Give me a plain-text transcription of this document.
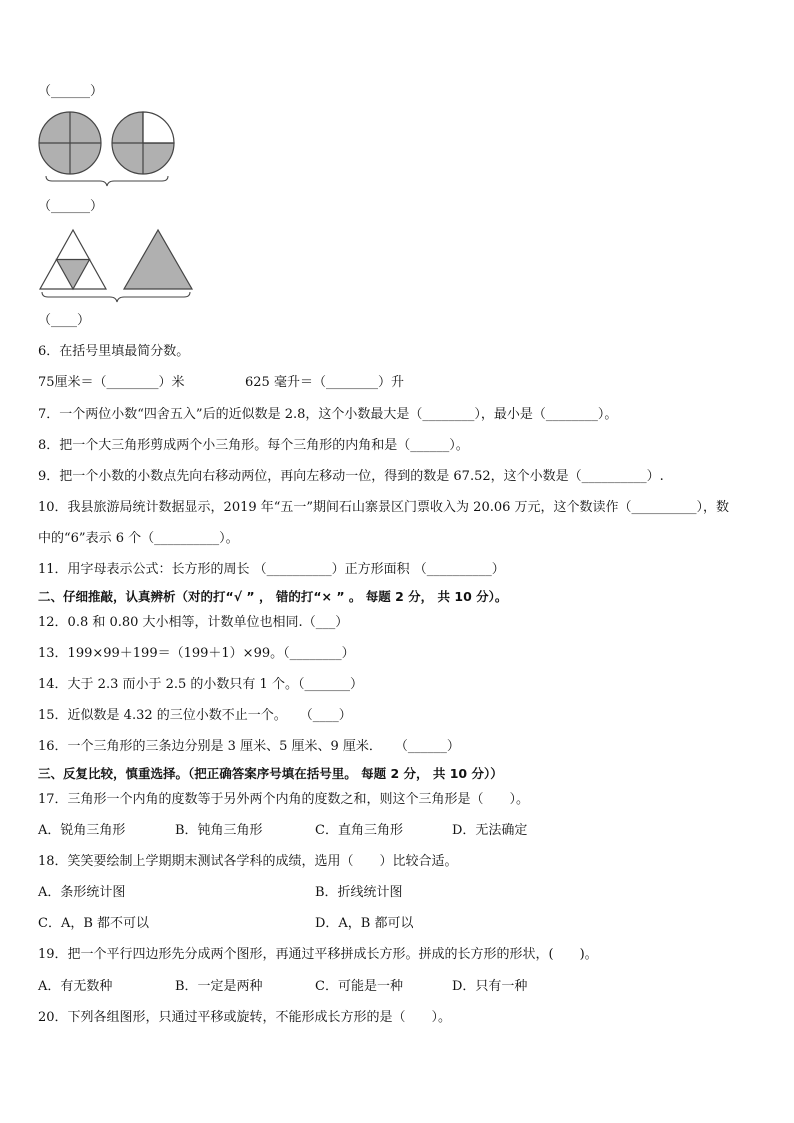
（______）
（______）
（____）
6．在括号里填最简分数。
75厘米＝（________）米	625 毫升＝（________）升
7．一个两位小数“四舍五入”后的近似数是 2.8，这个小数最大是（________），最小是（________）。
8．把一个大三角形剪成两个小三角形。每个三角形的内角和是（______）。
9．把一个小数的小数点先向右移动两位，再向左移动一位，得到的数是 67.52，这个小数是（__________）.
10．我县旅游局统计数据显示，2019 年“五一”期间石山寨景区门票收入为 20.06 万元，这个数读作（__________），数
中的“6”表示 6 个（__________）。
11．用字母表示公式：长方形的周长 （__________）正方形面积 （__________）
二、仔细推敲，认真辨析（对的打“√ ” ， 错的打“× ” 。 每题 2 分， 共 10 分）。
12．0.8 和 0.80 大小相等，计数单位也相同.（___）
13．199×99＋199＝（199＋1）×99。（________）
14．大于 2.3 而小于 2.5 的小数只有 1 个。（_______）
15．近似数是 4.32 的三位小数不止一个。　　（____）
16．一个三角形的三条边分别是 3 厘米、5 厘米、9 厘米．　　（______）
三、反复比较，慎重选择。（把正确答案序号填在括号里。 每题 2 分， 共 10 分））
17．三角形一个内角的度数等于另外两个内角的度数之和，则这个三角形是（　　）。
A．锐角三角形	B．钝角三角形	C．直角三角形	D．无法确定
18．笑笑要绘制上学期期末测试各学科的成绩，选用（　　）比较合适。
A．条形统计图	B．折线统计图
C．A，B 都不可以	D．A，B 都可以
19．把一个平行四边形先分成两个图形，再通过平移拼成长方形。拼成的长方形的形状，(　　)。
A．有无数种	B．一定是两种	C．可能是一种	D．只有一种
20．下列各组图形，只通过平移或旋转，不能形成长方形的是（　　）。
